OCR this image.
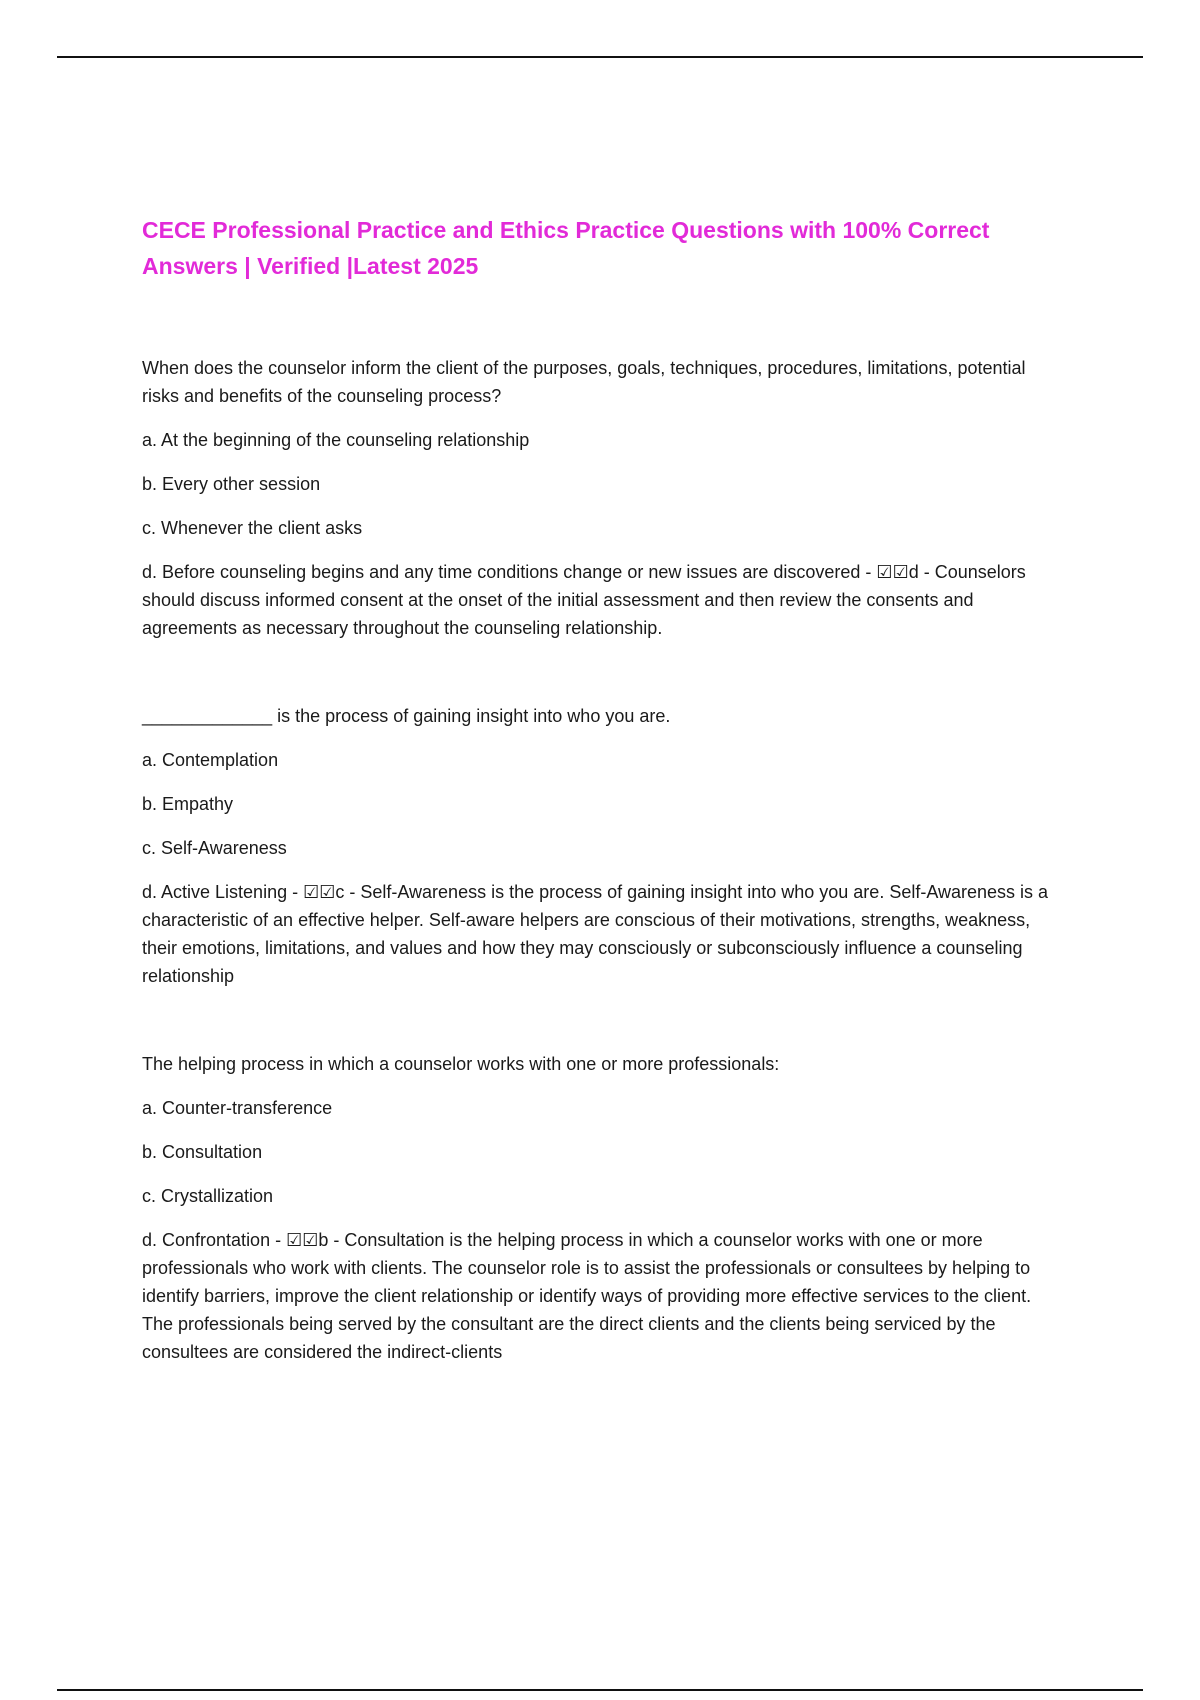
CECE Professional Practice and Ethics Practice Questions with 100% Correct Answers | Verified |Latest 2025

When does the counselor inform the client of the purposes, goals, techniques, procedures, limitations, potential risks and benefits of the counseling process?

a. At the beginning of the counseling relationship

b. Every other session

c. Whenever the client asks

d. Before counseling begins and any time conditions change or new issues are discovered - ☑☑d - Counselors should discuss informed consent at the onset of the initial assessment and then review the consents and agreements as necessary throughout the counseling relationship.

_____________ is the process of gaining insight into who you are.

a. Contemplation

b. Empathy

c. Self-Awareness

d. Active Listening - ☑☑c - Self-Awareness is the process of gaining insight into who you are. Self-Awareness is a characteristic of an effective helper. Self-aware helpers are conscious of their motivations, strengths, weakness, their emotions, limitations, and values and how they may consciously or subconsciously influence a counseling relationship

The helping process in which a counselor works with one or more professionals:

a. Counter-transference

b. Consultation

c. Crystallization

d. Confrontation - ☑☑b - Consultation is the helping process in which a counselor works with one or more professionals who work with clients. The counselor role is to assist the professionals or consultees by helping to identify barriers, improve the client relationship or identify ways of providing more effective services to the client. The professionals being served by the consultant are the direct clients and the clients being serviced by the consultees are considered the indirect-clients
